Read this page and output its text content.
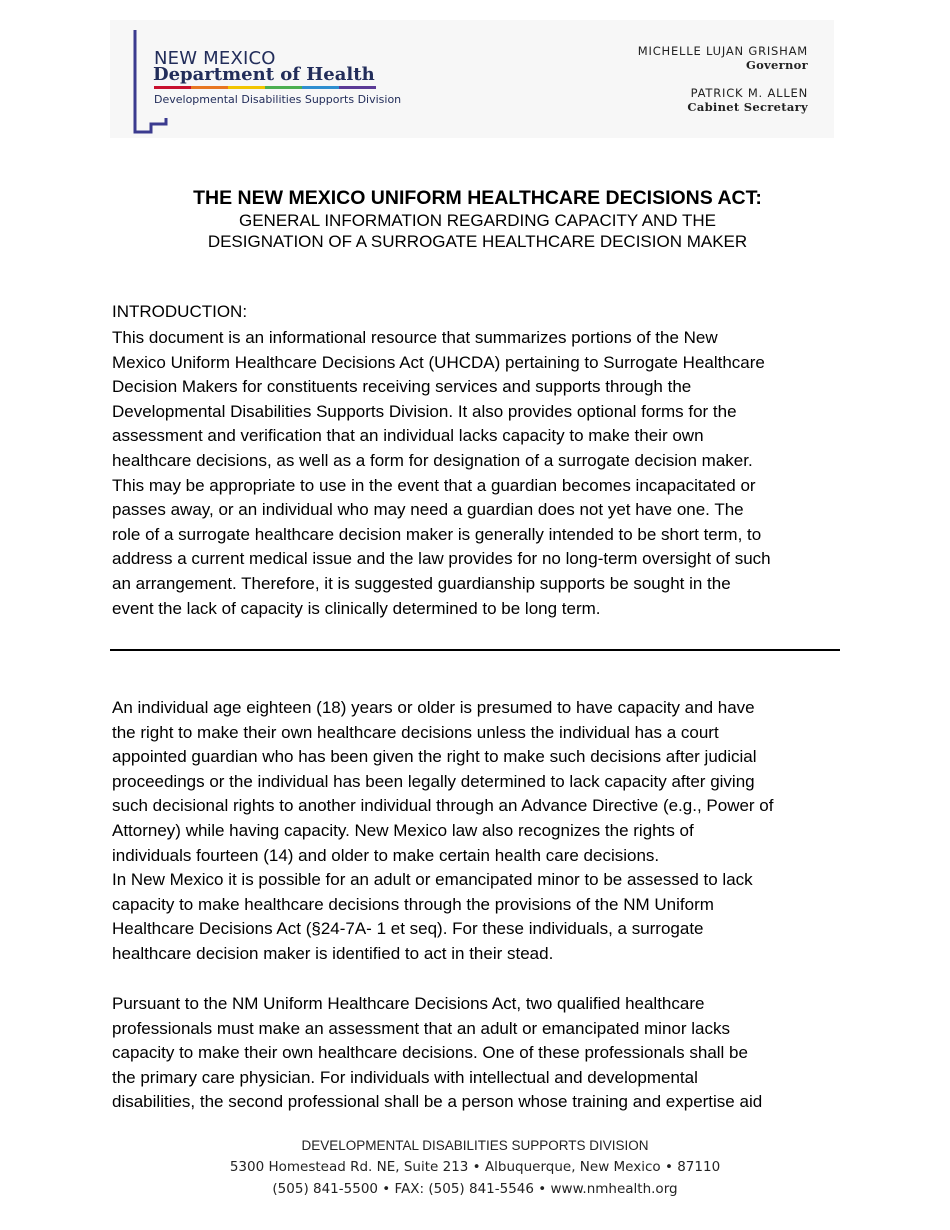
NEW MEXICO
Department of Health
Developmental Disabilities Supports Division
MICHELLE LUJAN GRISHAM
Governor
PATRICK M. ALLEN
Cabinet Secretary
THE NEW MEXICO UNIFORM HEALTHCARE DECISIONS ACT:
GENERAL INFORMATION REGARDING CAPACITY AND THE
DESIGNATION OF A SURROGATE HEALTHCARE DECISION MAKER
INTRODUCTION:
This document is an informational resource that summarizes portions of the New
Mexico Uniform Healthcare Decisions Act (UHCDA) pertaining to Surrogate Healthcare
Decision Makers for constituents receiving services and supports through the
Developmental Disabilities Supports Division. It also provides optional forms for the
assessment and verification that an individual lacks capacity to make their own
healthcare decisions, as well as a form for designation of a surrogate decision maker.
This may be appropriate to use in the event that a guardian becomes incapacitated or
passes away, or an individual who may need a guardian does not yet have one. The
role of a surrogate healthcare decision maker is generally intended to be short term, to
address a current medical issue and the law provides for no long-term oversight of such
an arrangement. Therefore, it is suggested guardianship supports be sought in the
event the lack of capacity is clinically determined to be long term.
An individual age eighteen (18) years or older is presumed to have capacity and have
the right to make their own healthcare decisions unless the individual has a court
appointed guardian who has been given the right to make such decisions after judicial
proceedings or the individual has been legally determined to lack capacity after giving
such decisional rights to another individual through an Advance Directive (e.g., Power of
Attorney) while having capacity. New Mexico law also recognizes the rights of
individuals fourteen (14) and older to make certain health care decisions.
In New Mexico it is possible for an adult or emancipated minor to be assessed to lack
capacity to make healthcare decisions through the provisions of the NM Uniform
Healthcare Decisions Act (§24-7A- 1 et seq). For these individuals, a surrogate
healthcare decision maker is identified to act in their stead.
Pursuant to the NM Uniform Healthcare Decisions Act, two qualified healthcare
professionals must make an assessment that an adult or emancipated minor lacks
capacity to make their own healthcare decisions. One of these professionals shall be
the primary care physician. For individuals with intellectual and developmental
disabilities, the second professional shall be a person whose training and expertise aid
DEVELOPMENTAL DISABILITIES SUPPORTS DIVISION
5300 Homestead Rd. NE, Suite 213 • Albuquerque, New Mexico • 87110
(505) 841-5500 • FAX: (505) 841-5546 • www.nmhealth.org
